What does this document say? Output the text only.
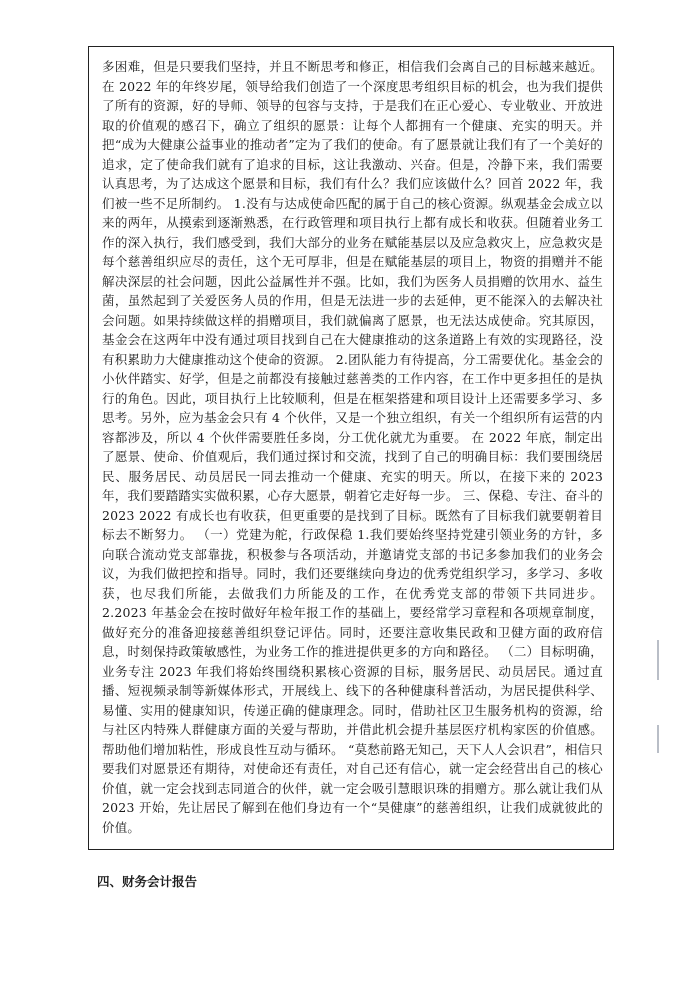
多困难，但是只要我们坚持，并且不断思考和修正，相信我们会离自己的目标越来越近。在 2022 年的年终岁尾，领导给我们创造了一个深度思考组织目标的机会，也为我们提供了所有的资源，好的导师、领导的包容与支持，于是我们在正心爱心、专业敬业、开放进取的价值观的感召下，确立了组织的愿景：让每个人都拥有一个健康、充实的明天。并把“成为大健康公益事业的推动者”定为了我们的使命。有了愿景就让我们有了一个美好的追求，定了使命我们就有了追求的目标，这让我激动、兴奋。但是，冷静下来，我们需要认真思考，为了达成这个愿景和目标，我们有什么？我们应该做什么？回首 2022 年，我们被一些不足所制约。 1.没有与达成使命匹配的属于自己的核心资源。纵观基金会成立以来的两年，从摸索到逐渐熟悉，在行政管理和项目执行上都有成长和收获。但随着业务工作的深入执行，我们感受到，我们大部分的业务在赋能基层以及应急救灾上，应急救灾是每个慈善组织应尽的责任，这个无可厚非，但是在赋能基层的项目上，物资的捐赠并不能解决深层的社会问题，因此公益属性并不强。比如，我们为医务人员捐赠的饮用水、益生菌，虽然起到了关爱医务人员的作用，但是无法进一步的去延伸，更不能深入的去解决社会问题。如果持续做这样的捐赠项目，我们就偏离了愿景，也无法达成使命。究其原因，基金会在这两年中没有通过项目找到自己在大健康推动的这条道路上有效的实现路径，没有积累助力大健康推动这个使命的资源。 2.团队能力有待提高，分工需要优化。基金会的小伙伴踏实、好学，但是之前都没有接触过慈善类的工作内容，在工作中更多担任的是执行的角色。因此，项目执行上比较顺利，但是在框架搭建和项目设计上还需要多学习、多思考。另外，应为基金会只有 4 个伙伴，又是一个独立组织，有关一个组织所有运营的内容都涉及，所以 4 个伙伴需要胜任多岗，分工优化就尤为重要。 在 2022 年底，制定出了愿景、使命、价值观后，我们通过探讨和交流，找到了自己的明确目标：我们要围绕居民、服务居民、动员居民一同去推动一个健康、充实的明天。所以，在接下来的 2023 年，我们要踏踏实实做积累，心存大愿景，朝着它走好每一步。 三、保稳、专注、奋斗的 2023 2022 有成长也有收获，但更重要的是找到了目标。既然有了目标我们就要朝着目标去不断努力。 （一）党建为舵，行政保稳 1.我们要始终坚持党建引领业务的方针，多向联合流动党支部靠拢，积极参与各项活动，并邀请党支部的书记多参加我们的业务会议，为我们做把控和指导。同时，我们还要继续向身边的优秀党组织学习，多学习、多收获，也尽我们所能，去做我们力所能及的工作，在优秀党支部的带领下共同进步。 2.2023 年基金会在按时做好年检年报工作的基础上，要经常学习章程和各项规章制度，做好充分的准备迎接慈善组织登记评估。同时，还要注意收集民政和卫健方面的政府信息，时刻保持政策敏感性，为业务工作的推进提供更多的方向和路径。 （二）目标明确，业务专注 2023 年我们将始终围绕积累核心资源的目标，服务居民、动员居民。通过直播、短视频录制等新媒体形式，开展线上、线下的各种健康科普活动，为居民提供科学、易懂、实用的健康知识，传递正确的健康理念。同时，借助社区卫生服务机构的资源，给与社区内特殊人群健康方面的关爱与帮助，并借此机会提升基层医疗机构家医的价值感。帮助他们增加粘性，形成良性互动与循环。 “莫愁前路无知己，天下人人会识君”，相信只要我们对愿景还有期待，对使命还有责任，对自己还有信心，就一定会经营出自己的核心价值，就一定会找到志同道合的伙伴，就一定会吸引慧眼识珠的捐赠方。那么就让我们从 2023 开始，先让居民了解到在他们身边有一个“昊健康”的慈善组织，让我们成就彼此的价值。

四、财务会计报告
